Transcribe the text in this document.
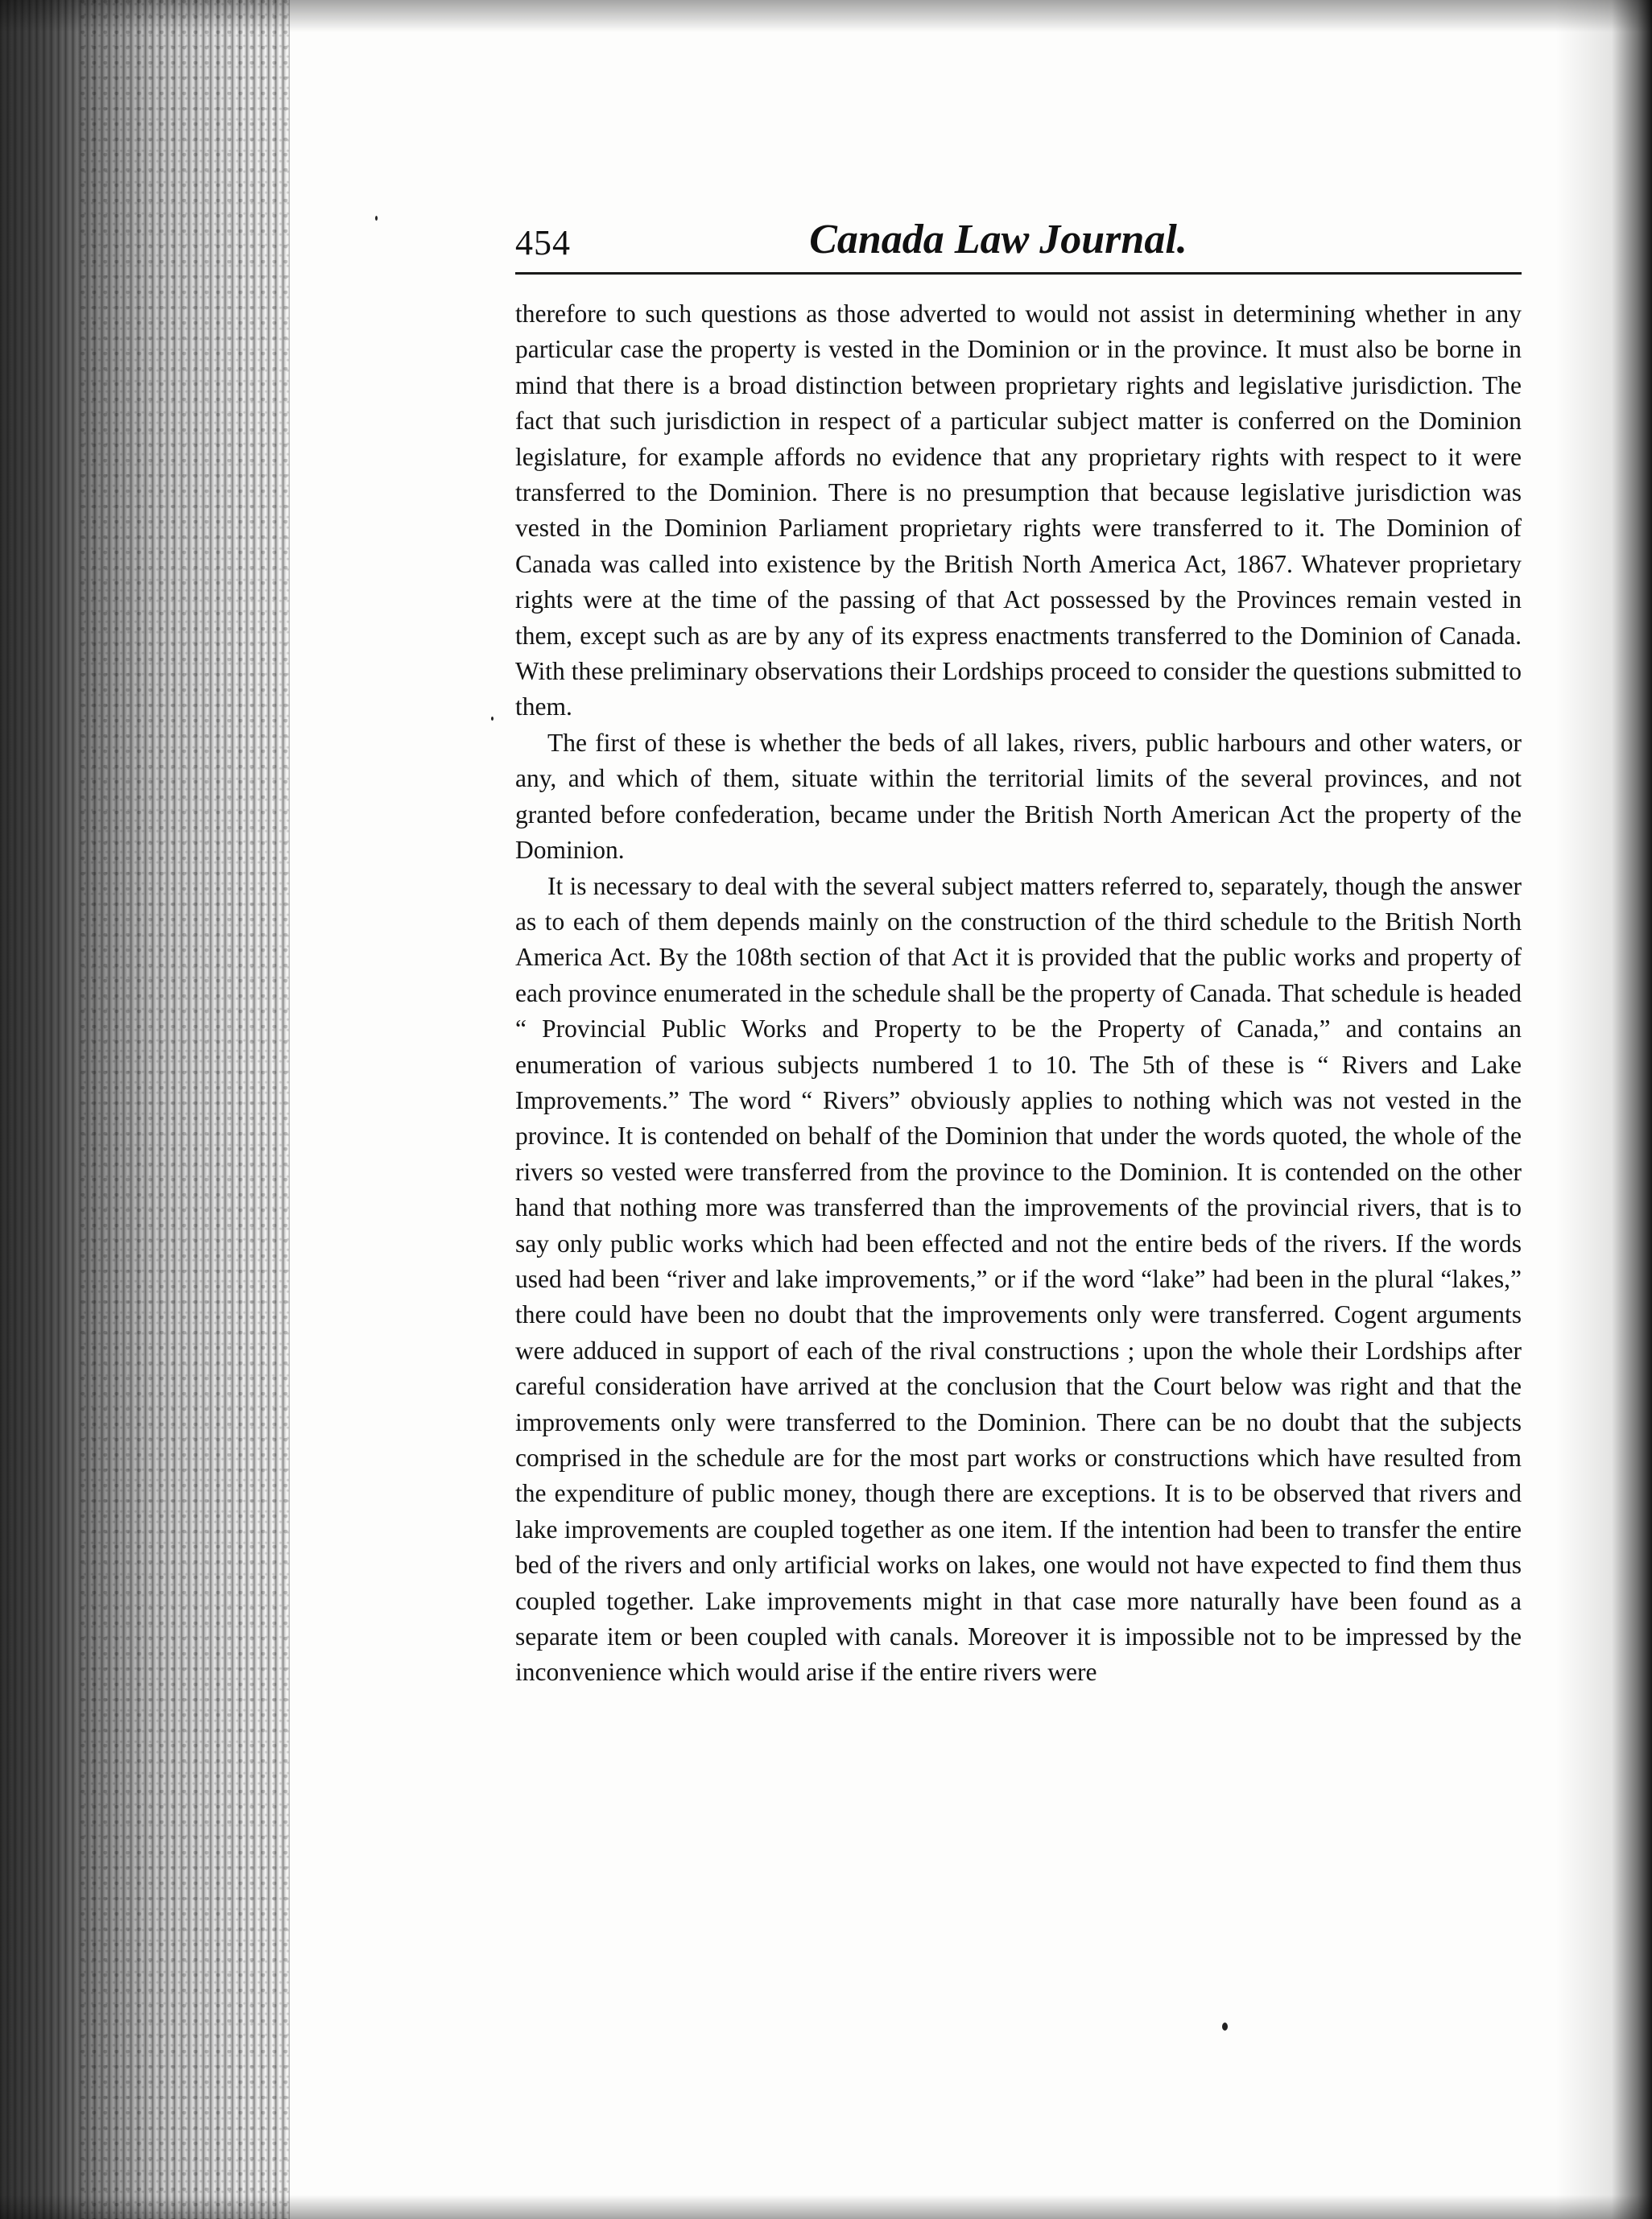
454	Canada Law Journal.

therefore to such questions as those adverted to would not assist in determining whether in any particular case the property is vested in the Dominion or in the province. It must also be borne in mind that there is a broad distinction between proprietary rights and legislative jurisdiction. The fact that such jurisdiction in respect of a particular subject matter is conferred on the Dominion legislature, for example affords no evidence that any proprietary rights with respect to it were transferred to the Dominion. There is no presumption that because legislative jurisdiction was vested in the Dominion Parliament proprietary rights were transferred to it. The Dominion of Canada was called into existence by the British North America Act, 1867. Whatever proprietary rights were at the time of the passing of that Act possessed by the Provinces remain vested in them, except such as are by any of its express enactments transferred to the Dominion of Canada. With these preliminary observations their Lordships proceed to consider the questions submitted to them.

The first of these is whether the beds of all lakes, rivers, public harbours and other waters, or any, and which of them, situate within the territorial limits of the several provinces, and not granted before confederation, became under the British North American Act the property of the Dominion.

It is necessary to deal with the several subject matters referred to, separately, though the answer as to each of them depends mainly on the construction of the third schedule to the British North America Act. By the 108th section of that Act it is provided that the public works and property of each province enumerated in the schedule shall be the property of Canada. That schedule is headed “ Provincial Public Works and Property to be the Property of Canada,” and contains an enumeration of various subjects numbered 1 to 10. The 5th of these is “ Rivers and Lake Improvements.” The word “ Rivers” obviously applies to nothing which was not vested in the province. It is contended on behalf of the Dominion that under the words quoted, the whole of the rivers so vested were transferred from the province to the Dominion. It is contended on the other hand that nothing more was transferred than the improvements of the provincial rivers, that is to say only public works which had been effected and not the entire beds of the rivers. If the words used had been “river and lake improvements,” or if the word “lake” had been in the plural “lakes,” there could have been no doubt that the improvements only were transferred. Cogent arguments were adduced in support of each of the rival constructions ; upon the whole their Lordships after careful consideration have arrived at the conclusion that the Court below was right and that the improvements only were transferred to the Dominion. There can be no doubt that the subjects comprised in the schedule are for the most part works or constructions which have resulted from the expenditure of public money, though there are exceptions. It is to be observed that rivers and lake improvements are coupled together as one item. If the intention had been to transfer the entire bed of the rivers and only artificial works on lakes, one would not have expected to find them thus coupled together. Lake improvements might in that case more naturally have been found as a separate item or been coupled with canals. Moreover it is impossible not to be impressed by the inconvenience which would arise if the entire rivers were
